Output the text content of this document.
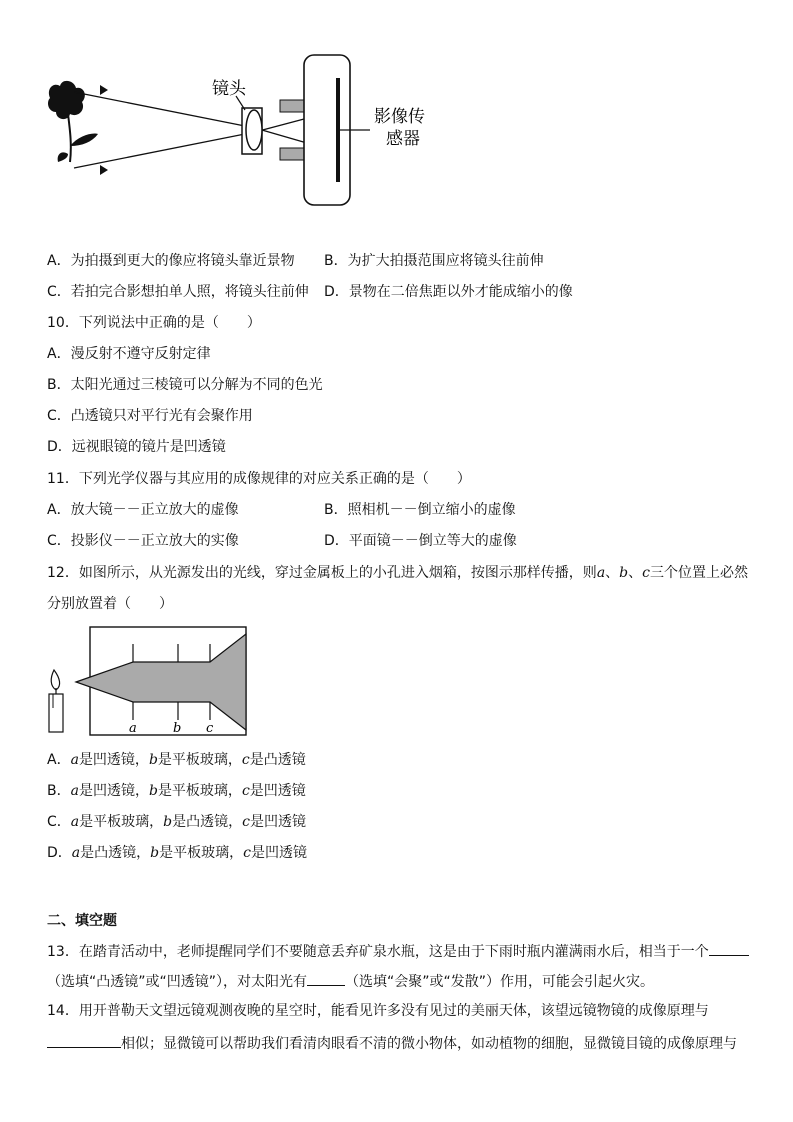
镜头
影像传
感器
A．为拍摄到更大的像应将镜头靠近景物 B．为扩大拍摄范围应将镜头往前伸
C．若拍完合影想拍单人照，将镜头往前伸 D．景物在二倍焦距以外才能成缩小的像
10．下列说法中正确的是（　　）
A．漫反射不遵守反射定律
B．太阳光通过三棱镜可以分解为不同的色光
C．凸透镜只对平行光有会聚作用
D．远视眼镜的镜片是凹透镜
11．下列光学仪器与其应用的成像规律的对应关系正确的是（　　）
A．放大镜－－正立放大的虚像	B．照相机－－倒立缩小的虚像
C．投影仪－－正立放大的实像	D．平面镜－－倒立等大的虚像
12．如图所示，从光源发出的光线，穿过金属板上的小孔进入烟箱，按图示那样传播，则a、b、c三个位置上必然
分别放置着（　　）
a	b c
A．a是凹透镜，b是平板玻璃，c是凸透镜
B．a是凹透镜，b是平板玻璃，c是凹透镜
C．a是平板玻璃，b是凸透镜，c是凹透镜
D．a是凸透镜，b是平板玻璃，c是凹透镜
二、填空题
13．在踏青活动中，老师提醒同学们不要随意丢弃矿泉水瓶，这是由于下雨时瓶内灌满雨水后，相当于一个
（选填“凸透镜”或“凹透镜”），对太阳光有	（选填“会聚”或“发散”）作用，可能会引起火灾。
14．用开普勒天文望远镜观测夜晚的星空时，能看见许多没有见过的美丽天体，该望远镜物镜的成像原理与
相似；显微镜可以帮助我们看清肉眼看不清的微小物体，如动植物的细胞，显微镜目镜的成像原理与
